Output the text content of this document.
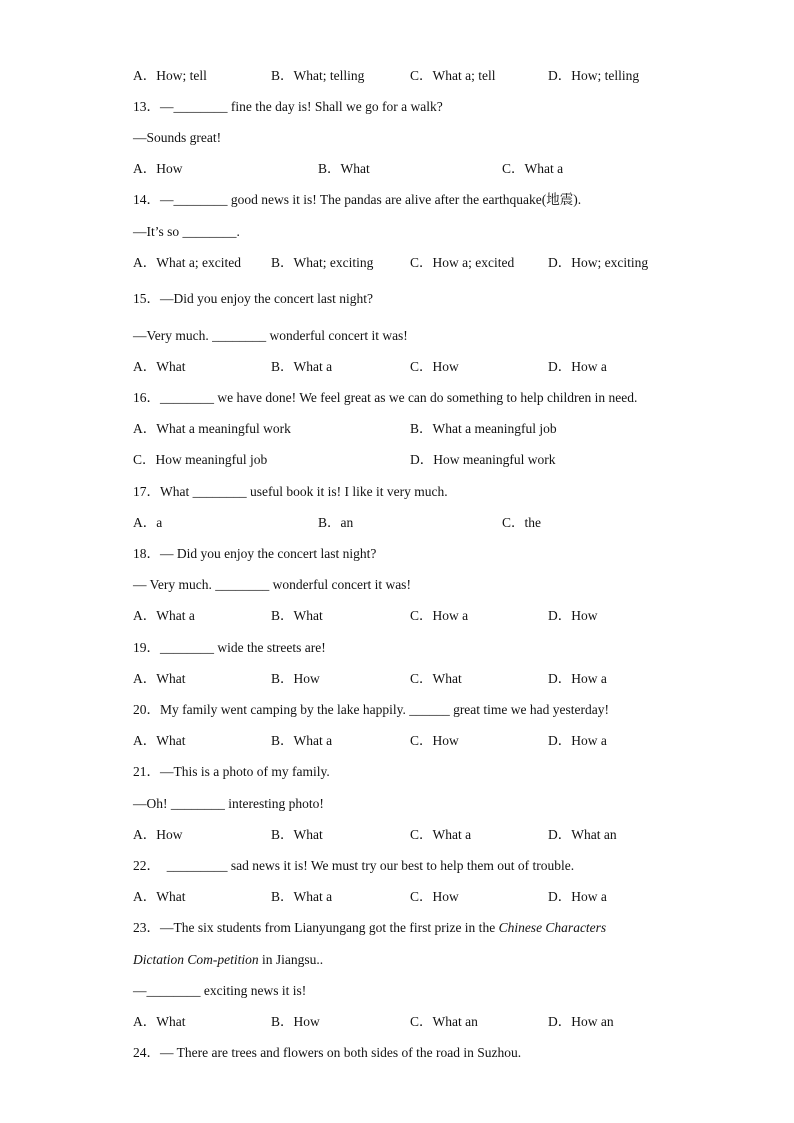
A．How; tell	B．What; telling	C．What a; tell	D．How; telling
13．—________ fine the day is! Shall we go for a walk?
—Sounds great!
A．How	B．What	C．What a
14．—________ good news it is! The pandas are alive after the earthquake(地震).
—It’s so ________.
A．What a; excited B．What; exciting	C．How a; excited	D．How; exciting
15．—Did you enjoy the concert last night?
—Very much. ________ wonderful concert it was!
A．What	B．What a	C．How	D．How a
16．________ we have done! We feel great as we can do something to help children in need.
A．What a meaningful work	B．What a meaningful job
C．How meaningful job	D．How meaningful work
17．What ________ useful book it is! I like it very much.
A．a	B．an	C．the
18．— Did you enjoy the concert last night?
— Very much. ________ wonderful concert it was!
A．What a	B．What	C．How a	D．How
19．________ wide the streets are!
A．What	B．How	C．What	D．How a
20．My family went camping by the lake happily. ______ great time we had yesterday!
A．What	B．What a	C．How	D．How a
21．—This is a photo of my family.
—Oh! ________ interesting photo!
A．How	B．What	C．What a	D．What an
22．  _________ sad news it is! We must try our best to help them out of trouble.
A．What	B．What a	C．How	D．How a
23．—The six students from Lianyungang got the first prize in the Chinese Characters
Dictation Com-petition in Jiangsu..
—________ exciting news it is!
A．What	B．How	C．What an	D．How an
24．— There are trees and flowers on both sides of the road in Suzhou.
